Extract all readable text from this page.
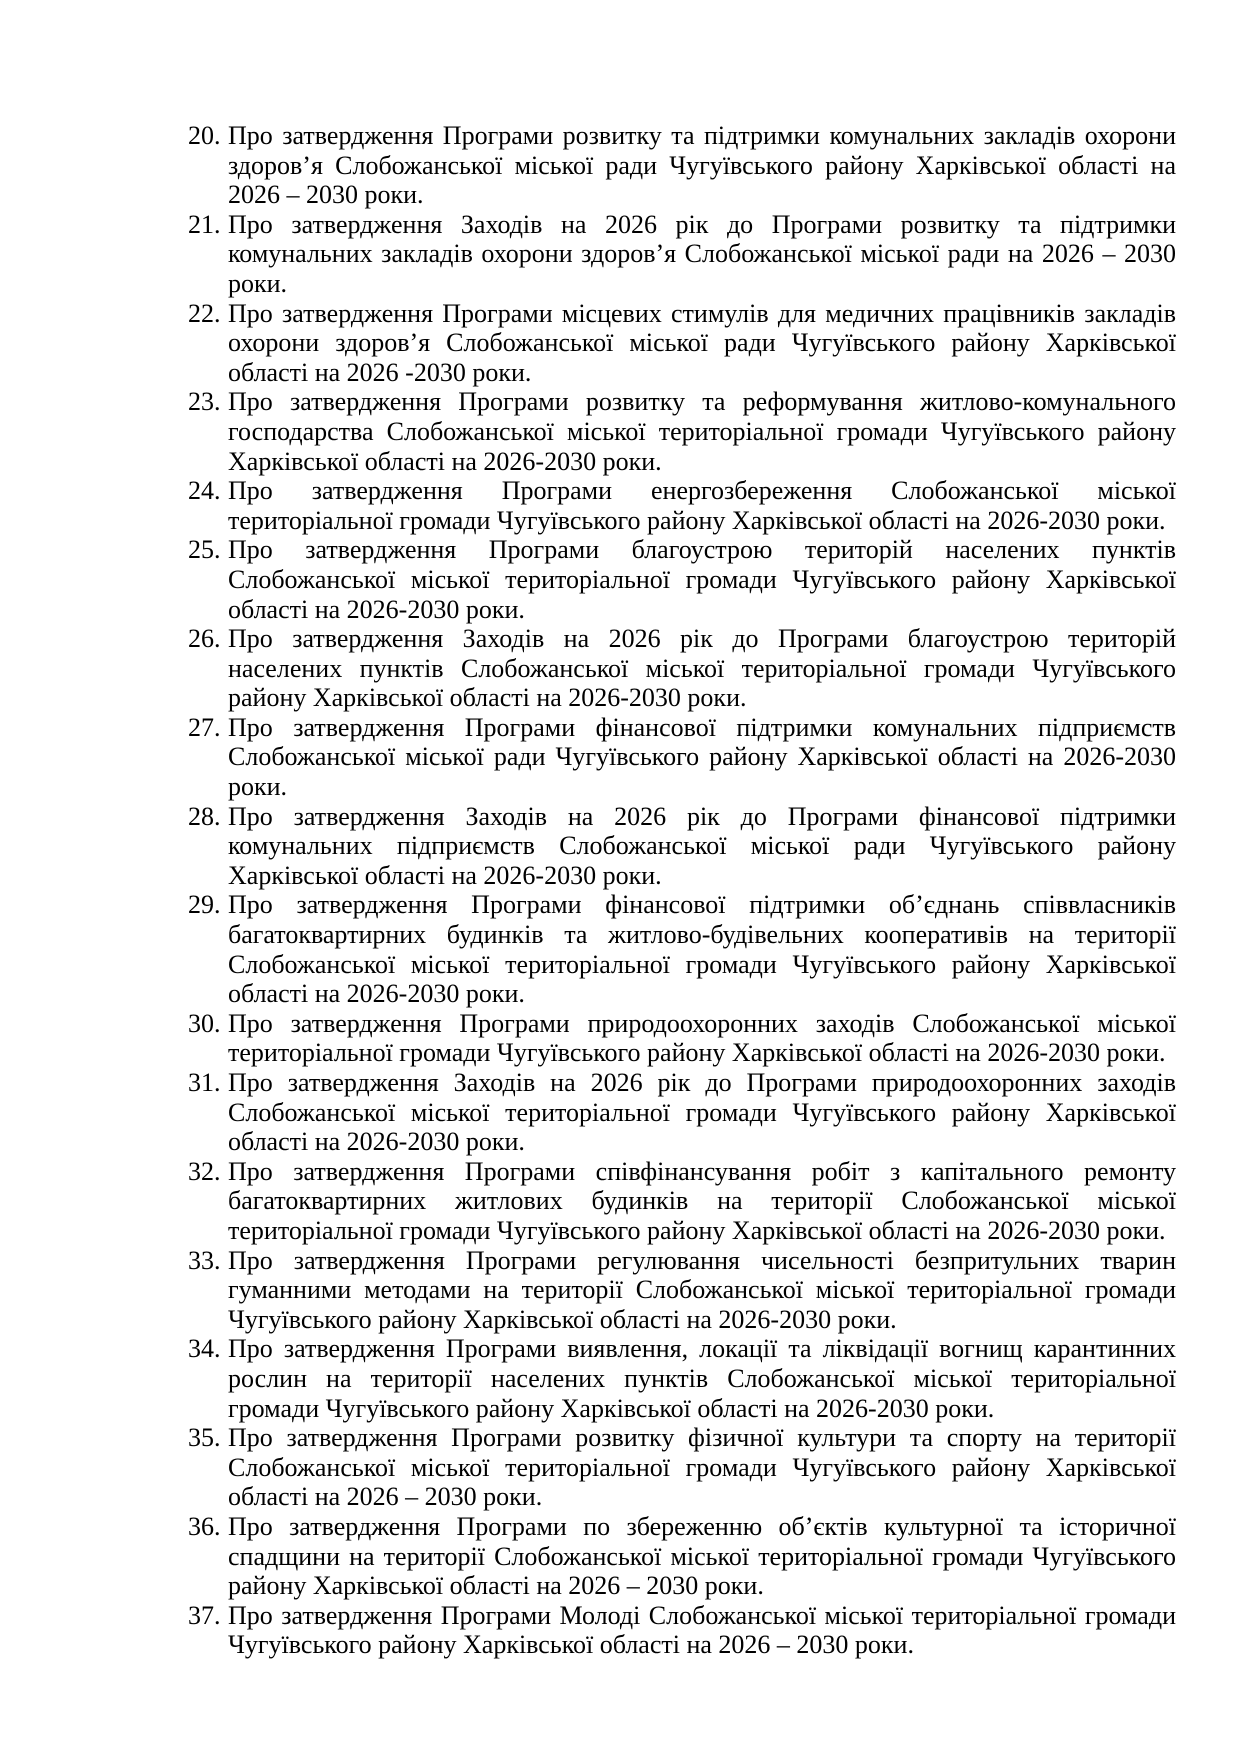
20. Про затвердження Програми розвитку та підтримки комунальних закладів охорони здоров’я Слобожанської міської ради Чугуївського району Харківської області на 2026 – 2030 роки.
21. Про затвердження Заходів на 2026 рік до Програми розвитку та підтримки комунальних закладів охорони здоров’я Слобожанської міської ради на 2026 – 2030 роки.
22. Про затвердження Програми місцевих стимулів для медичних працівників закладів охорони здоров’я Слобожанської міської ради Чугуївського району Харківської області на 2026 -2030 роки.
23. Про затвердження Програми розвитку та реформування житлово-комунального господарства Слобожанської міської територіальної громади Чугуївського району Харківської області на 2026-2030 роки.
24. Про затвердження Програми енергозбереження Слобожанської міської територіальної громади Чугуївського району Харківської області на 2026-2030 роки.
25. Про затвердження Програми благоустрою територій населених пунктів Слобожанської міської територіальної громади Чугуївського району Харківської області на 2026-2030 роки.
26. Про затвердження Заходів на 2026 рік до Програми благоустрою територій населених пунктів Слобожанської міської територіальної громади Чугуївського району Харківської області на 2026-2030 роки.
27. Про затвердження Програми фінансової підтримки комунальних підприємств Слобожанської міської ради Чугуївського району Харківської області на 2026-2030 роки.
28. Про затвердження Заходів на 2026 рік до Програми фінансової підтримки комунальних підприємств Слобожанської міської ради Чугуївського району Харківської області на 2026-2030 роки.
29. Про затвердження Програми фінансової підтримки об’єднань співвласників багатоквартирних будинків та житлово-будівельних кооперативів на території Слобожанської міської територіальної громади Чугуївського району Харківської області на 2026-2030 роки.
30. Про затвердження Програми природоохоронних заходів Слобожанської міської територіальної громади Чугуївського району Харківської області на 2026-2030 роки.
31. Про затвердження Заходів на 2026 рік до Програми природоохоронних заходів Слобожанської міської територіальної громади Чугуївського району Харківської області на 2026-2030 роки.
32. Про затвердження Програми співфінансування робіт з капітального ремонту багатоквартирних житлових будинків на території Слобожанської міської територіальної громади Чугуївського району Харківської області на 2026-2030 роки.
33. Про затвердження Програми регулювання чисельності безпритульних тварин гуманними методами на території Слобожанської міської територіальної громади Чугуївського району Харківської області на 2026-2030 роки.
34. Про затвердження Програми виявлення, локації та ліквідації вогнищ карантинних рослин на території населених пунктів Слобожанської міської територіальної громади Чугуївського району Харківської області на 2026-2030 роки.
35. Про затвердження Програми розвитку фізичної культури та спорту на території Слобожанської міської територіальної громади Чугуївського району Харківської області на 2026 – 2030 роки.
36. Про затвердження Програми по збереженню об’єктів культурної та історичної спадщини на території Слобожанської міської територіальної громади Чугуївського району Харківської області на 2026 – 2030 роки.
37. Про затвердження Програми Молоді Слобожанської міської територіальної громади Чугуївського району Харківської області на 2026 – 2030 роки.
